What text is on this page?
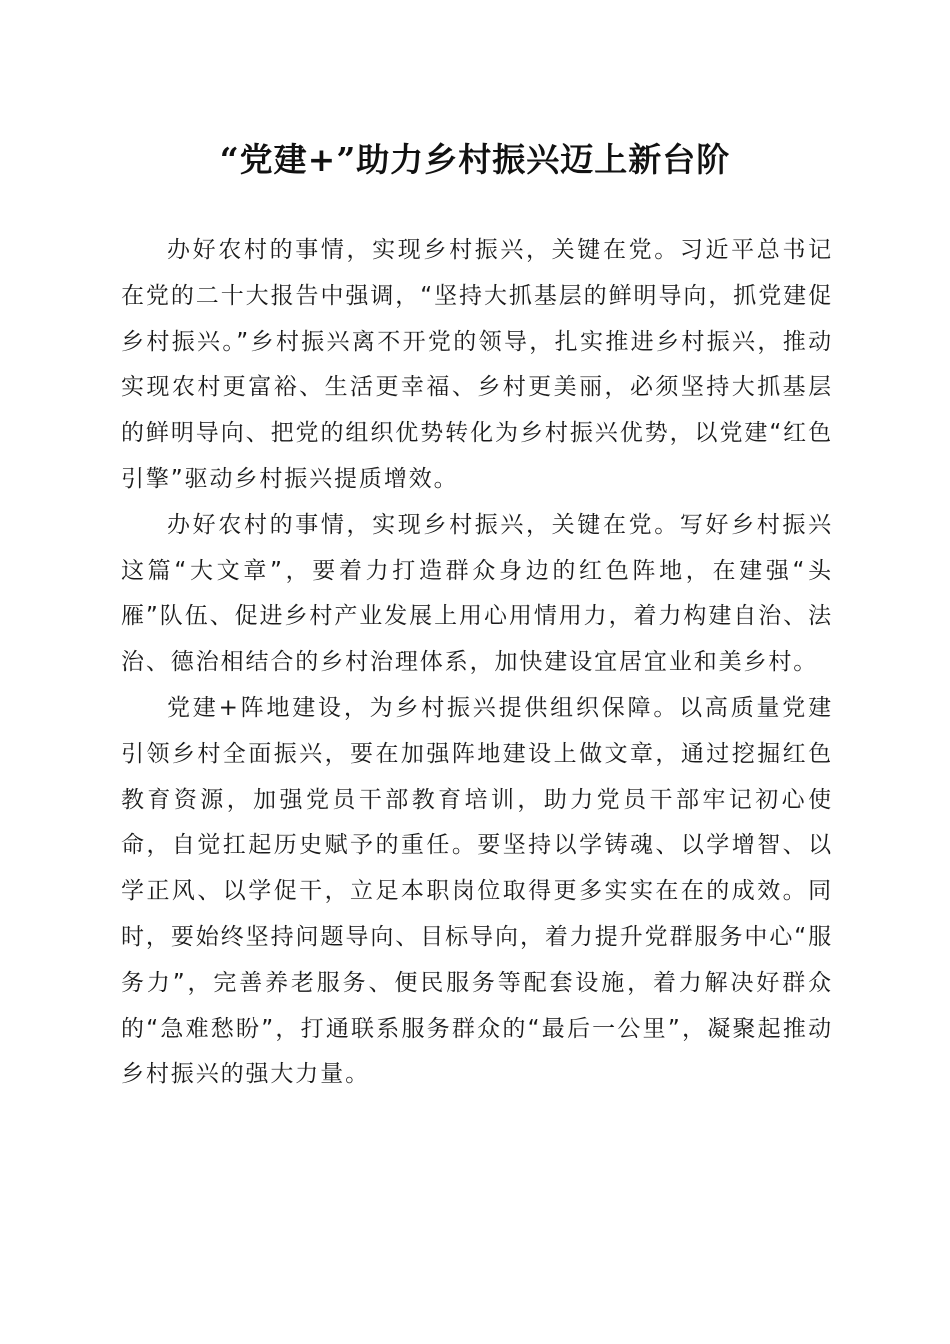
“党建+”助力乡村振兴迈上新台阶

办好农村的事情，实现乡村振兴，关键在党。习近平总书记在党的二十大报告中强调，“坚持大抓基层的鲜明导向，抓党建促乡村振兴。”乡村振兴离不开党的领导，扎实推进乡村振兴，推动实现农村更富裕、生活更幸福、乡村更美丽，必须坚持大抓基层的鲜明导向、把党的组织优势转化为乡村振兴优势，以党建“红色引擎”驱动乡村振兴提质增效。

办好农村的事情，实现乡村振兴，关键在党。写好乡村振兴这篇“大文章”，要着力打造群众身边的红色阵地，在建强“头雁”队伍、促进乡村产业发展上用心用情用力，着力构建自治、法治、德治相结合的乡村治理体系，加快建设宜居宜业和美乡村。

党建+阵地建设，为乡村振兴提供组织保障。以高质量党建引领乡村全面振兴，要在加强阵地建设上做文章，通过挖掘红色教育资源，加强党员干部教育培训，助力党员干部牢记初心使命，自觉扛起历史赋予的重任。要坚持以学铸魂、以学增智、以学正风、以学促干，立足本职岗位取得更多实实在在的成效。同时，要始终坚持问题导向、目标导向，着力提升党群服务中心“服务力”，完善养老服务、便民服务等配套设施，着力解决好群众的“急难愁盼”，打通联系服务群众的“最后一公里”，凝聚起推动乡村振兴的强大力量。
